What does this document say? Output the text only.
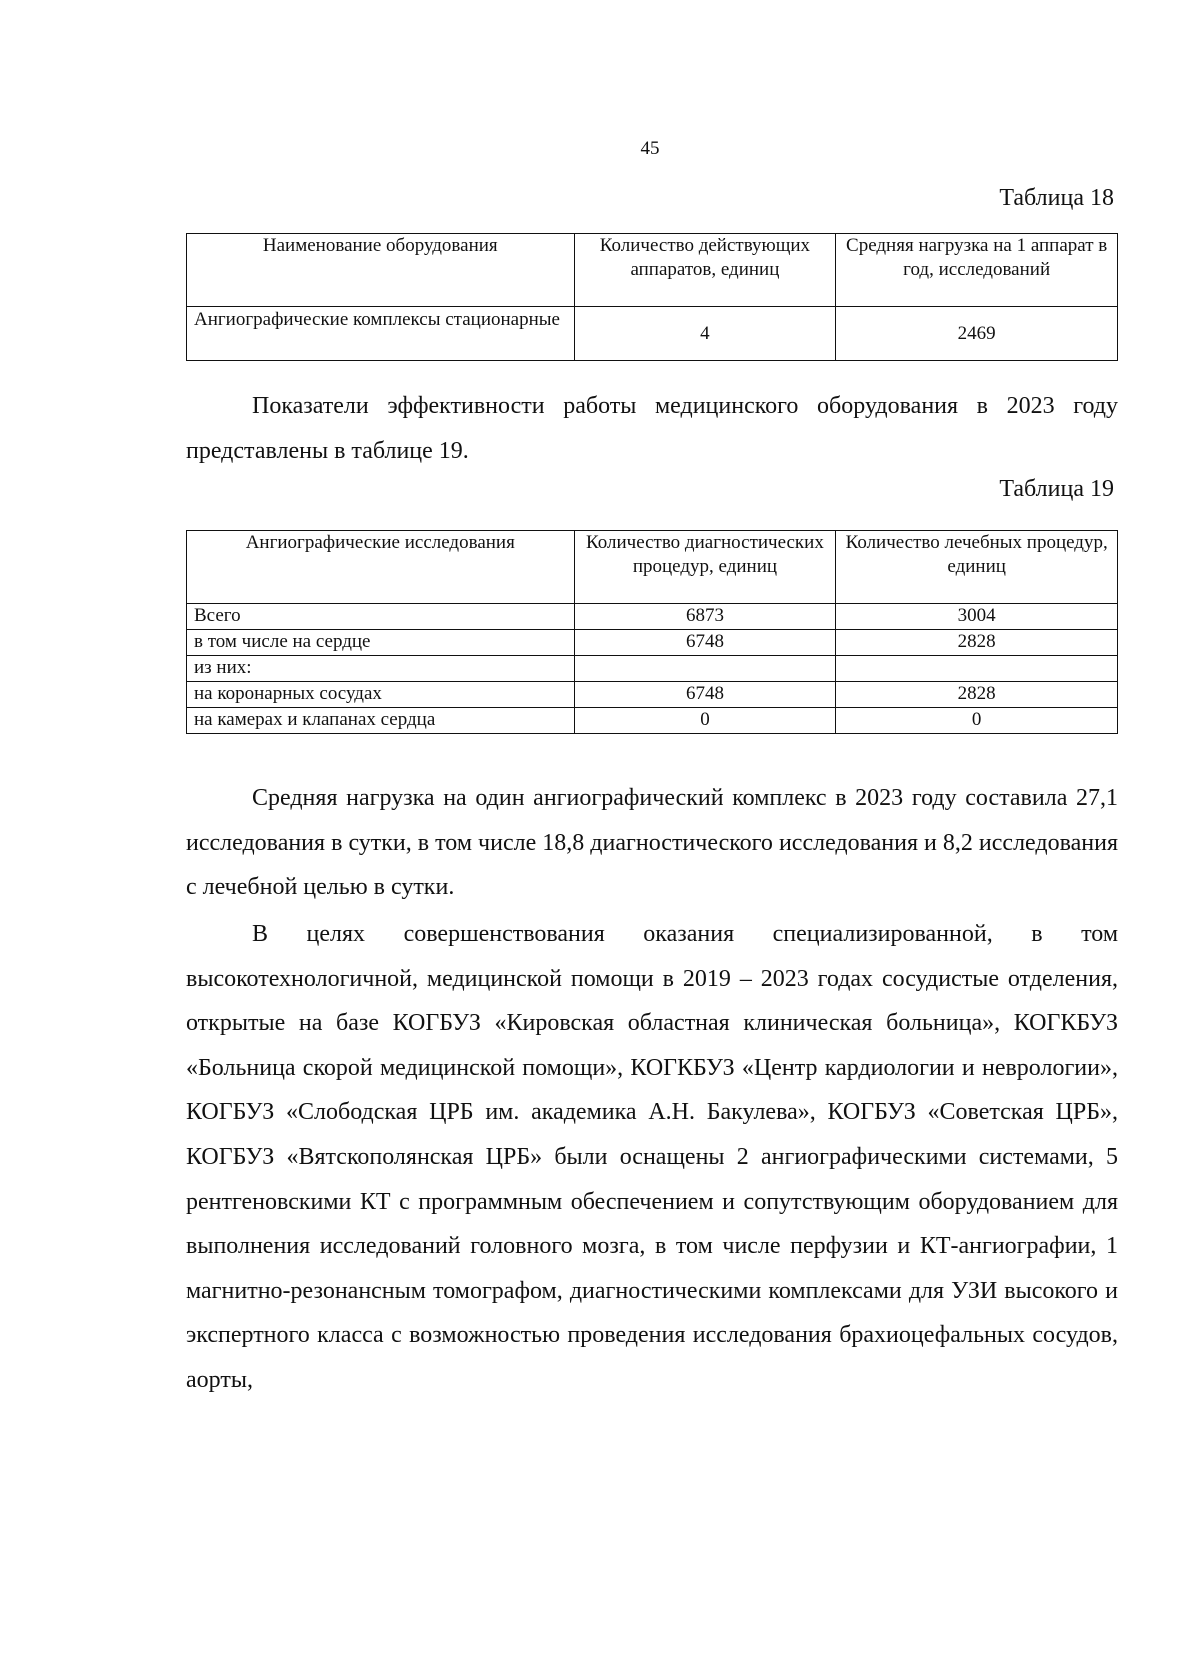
45
Таблица 18
Наименование оборудования	Количество действующих аппаратов, единиц	Средняя нагрузка на 1 аппарат в год, исследований
Ангиографические комплексы стационарные	4	2469

Показатели эффективности работы медицинского оборудования в 2023 году представлены в таблице 19.

Таблица 19
Ангиографические исследования	Количество диагностических процедур, единиц	Количество лечебных процедур, единиц
Всего	6873	3004
в том числе на сердце	6748	2828
из них:		
на коронарных сосудах	6748	2828
на камерах и клапанах сердца	0	0

Средняя нагрузка на один ангиографический комплекс в 2023 году составила 27,1 исследования в сутки, в том числе 18,8 диагностического исследования и 8,2 исследования с лечебной целью в сутки.

В целях совершенствования оказания специализированной, в том высокотехнологичной, медицинской помощи в 2019 – 2023 годах сосудистые отделения, открытые на базе КОГБУЗ «Кировская областная клиническая больница», КОГКБУЗ «Больница скорой медицинской помощи», КОГКБУЗ «Центр кардиологии и неврологии», КОГБУЗ «Слободская ЦРБ им. академика А.Н. Бакулева», КОГБУЗ «Советская ЦРБ», КОГБУЗ «Вятскополянская ЦРБ» были оснащены 2 ангиографическими системами, 5 рентгеновскими КТ с программным обеспечением и сопутствующим оборудованием для выполнения исследований головного мозга, в том числе перфузии и КТ-ангиографии, 1 магнитно-резонансным томографом, диагностическими комплексами для УЗИ высокого и экспертного класса с возможностью проведения исследования брахиоцефальных сосудов, аорты,
